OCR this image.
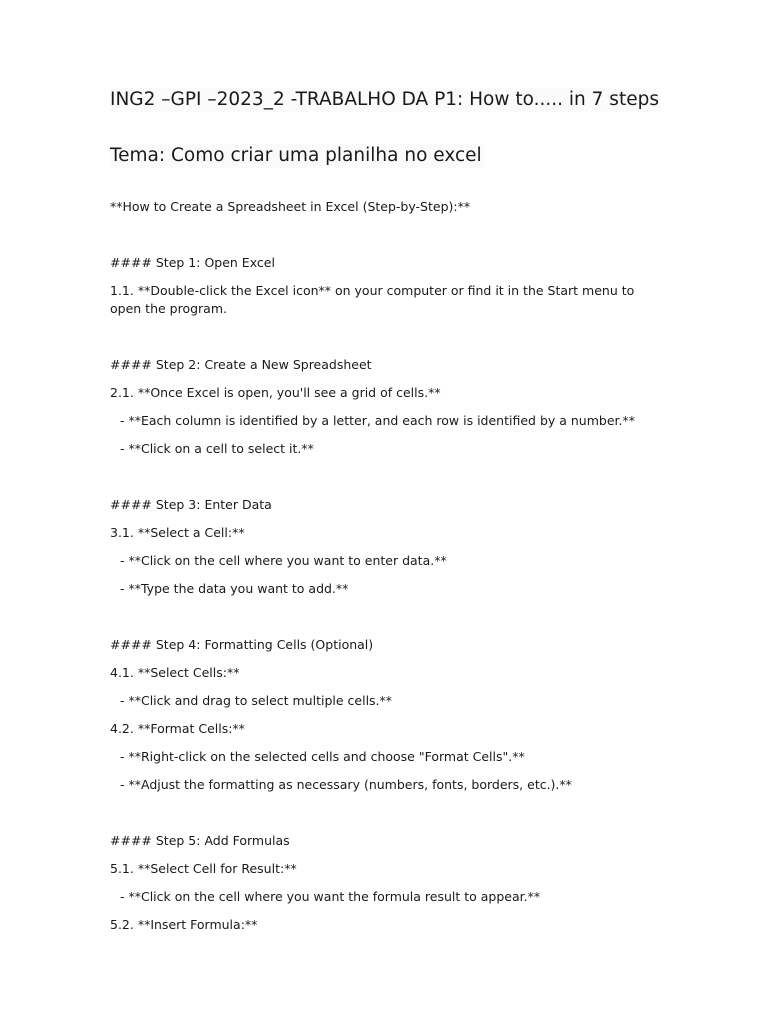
ING2 –GPI –2023_2 -TRABALHO DA P1: How to..... in 7 steps
Tema: Como criar uma planilha no excel
**How to Create a Spreadsheet in Excel (Step-by-Step):**
#### Step 1: Open Excel
1.1. **Double-click the Excel icon** on your computer or find it in the Start menu to open the program.
#### Step 2: Create a New Spreadsheet
2.1. **Once Excel is open, you'll see a grid of cells.**
- **Each column is identified by a letter, and each row is identified by a number.**
- **Click on a cell to select it.**
#### Step 3: Enter Data
3.1. **Select a Cell:**
- **Click on the cell where you want to enter data.**
- **Type the data you want to add.**
#### Step 4: Formatting Cells (Optional)
4.1. **Select Cells:**
- **Click and drag to select multiple cells.**
4.2. **Format Cells:**
- **Right-click on the selected cells and choose "Format Cells".**
- **Adjust the formatting as necessary (numbers, fonts, borders, etc.).**
#### Step 5: Add Formulas
5.1. **Select Cell for Result:**
- **Click on the cell where you want the formula result to appear.**
5.2. **Insert Formula:**
